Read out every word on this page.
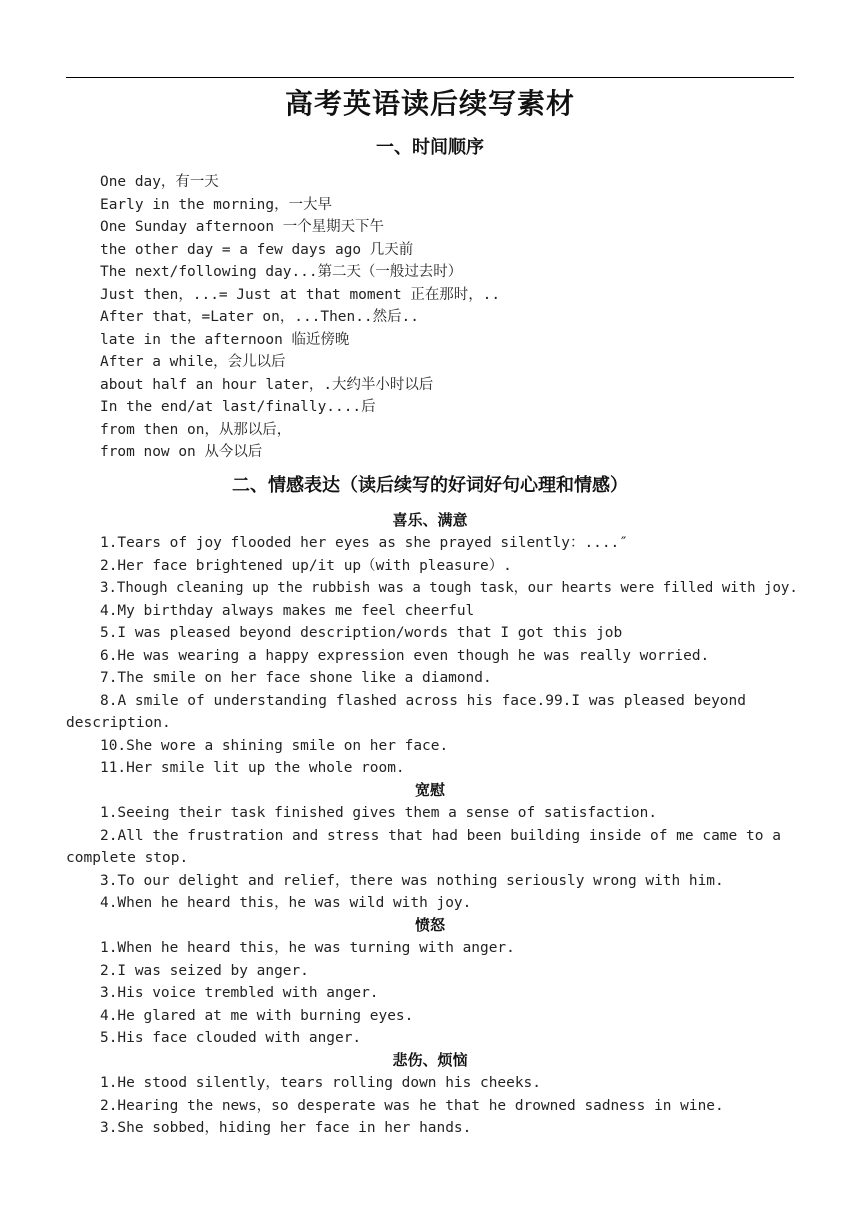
高考英语读后续写素材
一、时间顺序
One day，有一天
Early in the morning，一大早
One Sunday afternoon 一个星期天下午
the other day = a few days ago 几天前
The next/following day...第二天（一般过去时）
Just then，...= Just at that moment 正在那时，..
After that，=Later on，...Then..然后..
late in the afternoon 临近傍晚
After a while，会儿以后
about half an hour later，.大约半小时以后
In the end/at last/finally....后
from then on，从那以后，
from now on 从今以后
二、情感表达（读后续写的好词好句心理和情感）
喜乐、满意
1.Tears of joy flooded her eyes as she prayed silently：....″
2.Her face brightened up/it up（with pleasure）.
3.Though cleaning up the rubbish was a tough task，our hearts were filled with joy.
4.My birthday always makes me feel cheerful
5.I was pleased beyond description/words that I got this job
6.He was wearing a happy expression even though he was really worried.
7.The smile on her face shone like a diamond.
8.A smile of understanding flashed across his face.99.I was pleased beyond description.
10.She wore a shining smile on her face.
11.Her smile lit up the whole room.
宽慰
1.Seeing their task finished gives them a sense of satisfaction.
2.All the frustration and stress that had been building inside of me came to a complete stop.
3.To our delight and relief，there was nothing seriously wrong with him.
4.When he heard this，he was wild with joy.
愤怒
1.When he heard this，he was turning with anger.
2.I was seized by anger.
3.His voice trembled with anger.
4.He glared at me with burning eyes.
5.His face clouded with anger.
悲伤、烦恼
1.He stood silently，tears rolling down his cheeks.
2.Hearing the news，so desperate was he that he drowned sadness in wine.
3.She sobbed，hiding her face in her hands.
